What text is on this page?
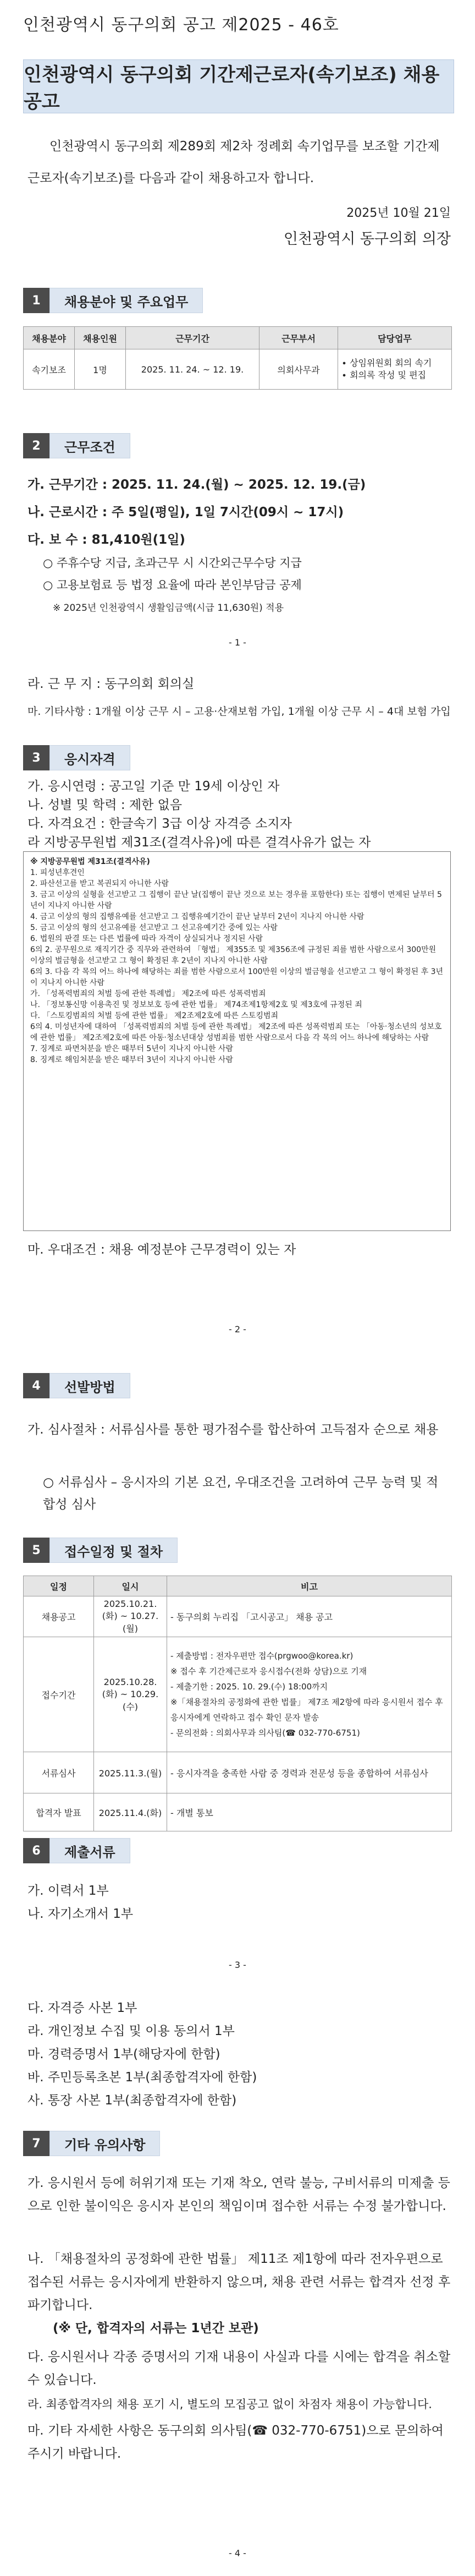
인천광역시 동구의회 공고 제2025 - 46호
인천광역시 동구의회 기간제근로자(속기보조) 채용공고
인천광역시 동구의회 제289회 제2차 정례회 속기업무를 보조할 기간제 근로자(속기보조)를 다음과 같이 채용하고자 합니다.
2025년 10월 21일
인천광역시 동구의회 의장
1	채용분야 및 주요업무
채용분야	채용인원	근무기간	근무부서	담당업무
속기보조	1명	2025. 11. 24. ~ 12. 19.	의회사무과	∙ 상임위원회 회의 속기
∙ 회의록 작성 및 편집
2	근무조건
가. 근무기간 : 2025. 11. 24.(월) ~ 2025. 12. 19.(금)
나. 근로시간 : 주 5일(평일), 1일 7시간(09시 ~ 17시)
다. 보 수 : 81,410원(1일)
○ 주휴수당 지급, 초과근무 시 시간외근무수당 지급
○ 고용보험료 등 법정 요율에 따라 본인부담금 공제
※ 2025년 인천광역시 생활임금액(시급 11,630원) 적용
- 1 -
라. 근 무 지 : 동구의회 회의실
마. 기타사항 : 1개월 이상 근무 시 – 고용‧산재보험 가입, 1개월 이상 근무 시 – 4대 보험 가입
3	응시자격
가. 응시연령 : 공고일 기준 만 19세 이상인 자
나. 성별 및 학력 : 제한 없음
다. 자격요건 : 한글속기 3급 이상 자격증 소지자
라 지방공무원법 제31조(결격사유)에 따른 결격사유가 없는 자
※ 지방공무원법 제31조(결격사유)
1. 피성년후견인
2. 파산선고를 받고 복권되지 아니한 사람
3. 금고 이상의 실형을 선고받고 그 집행이 끝난 날(집행이 끝난 것으로 보는 경우를 포함한다) 또는 집행이 면제된 날부터 5년이 지나지 아니한 사람
4. 금고 이상의 형의 집행유예를 선고받고 그 집행유예기간이 끝난 날부터 2년이 지나지 아니한 사람
5. 금고 이상의 형의 선고유예를 선고받고 그 선고유예기간 중에 있는 사람
6. 법원의 판결 또는 다른 법률에 따라 자격이 상실되거나 정지된 사람
6의 2. 공무원으로 재직기간 중 직무와 관련하여 「형법」 제355조 및 제356조에 규정된 죄를 범한 사람으로서 300만원 이상의 벌금형을 선고받고 그 형이 확정된 후 2년이 지나지 아니한 사람
6의 3. 다음 각 목의 어느 하나에 해당하는 죄를 범한 사람으로서 100만원 이상의 벌금형을 선고받고 그 형이 확정된 후 3년이 지나지 아니한 사람
가. 「성폭력범죄의 처벌 등에 관한 특례법」 제2조에 따른 성폭력범죄
나. 「정보통신망 이용촉진 및 정보보호 등에 관한 법률」 제74조제1항제2호 및 제3호에 규정된 죄
다. 「스토킹범죄의 처벌 등에 관한 법률」 제2조제2호에 따른 스토킹범죄
6의 4. 미성년자에 대하여 「성폭력범죄의 처벌 등에 관한 특례법」 제2조에 따른 성폭력범죄 또는 「아동‧청소년의 성보호에 관한 법률」 제2조제2호에 따른 아동‧청소년대상 성범죄를 범한 사람으로서 다음 각 목의 어느 하나에 해당하는 사람
7. 징계로 파면처분을 받은 때부터 5년이 지나지 아니한 사람
8. 징계로 해임처분을 받은 때부터 3년이 지나지 아니한 사람
마. 우대조건 : 채용 예정분야 근무경력이 있는 자
- 2 -
4	선발방법
가. 심사절차 : 서류심사를 통한 평가점수를 합산하여 고득점자 순으로 채용
○ 서류심사 – 응시자의 기본 요건, 우대조건을 고려하여 근무 능력 및 적합성 심사
5	접수일정 및 절차
일정	일시	비고
채용공고	2025.10.21.(화) ~ 10.27.(월)	- 동구의회 누리집 「고시공고」 채용 공고
접수기간	2025.10.28.(화) ~ 10.29.(수)	- 제출방법 : 전자우편만 접수(prgwoo@korea.kr)
※ 접수 후 기간제근로자 응시접수(전화 상담)으로 기재
- 제출기한 : 2025. 10. 29.(수) 18:00까지
※「채용절차의 공정화에 관한 법률」 제7조 제2항에 따라 응시원서 접수 후 응시자에게 연락하고 접수 확인 문자 발송
- 문의전화 : 의회사무과 의사팀(☎ 032-770-6751)
서류심사	2025.11.3.(월)	- 응시자격을 충족한 사람 중 경력과 전문성 등을 종합하여 서류심사
합격자 발표	2025.11.4.(화)	- 개별 통보
6	제출서류
가. 이력서 1부
나. 자기소개서 1부
- 3 -
다. 자격증 사본 1부
라. 개인정보 수집 및 이용 동의서 1부
마. 경력증명서 1부(해당자에 한함)
바. 주민등록초본 1부(최종합격자에 한함)
사. 통장 사본 1부(최종합격자에 한함)
7	기타 유의사항
가. 응시원서 등에 허위기재 또는 기재 착오, 연락 불능, 구비서류의 미제출 등으로 인한 불이익은 응시자 본인의 책임이며 접수한 서류는 수정 불가합니다.
나. 「채용절차의 공정화에 관한 법률」 제11조 제1항에 따라 전자우편으로 접수된 서류는 응시자에게 반환하지 않으며, 채용 관련 서류는 합격자 선정 후 파기합니다.
(※ 단, 합격자의 서류는 1년간 보관)
다. 응시원서나 각종 증명서의 기재 내용이 사실과 다를 시에는 합격을 취소할 수 있습니다.
라. 최종합격자의 채용 포기 시, 별도의 모집공고 없이 차점자 채용이 가능합니다.
마. 기타 자세한 사항은 동구의회 의사팀(☎ 032-770-6751)으로 문의하여 주시기 바랍니다.
- 4 -
